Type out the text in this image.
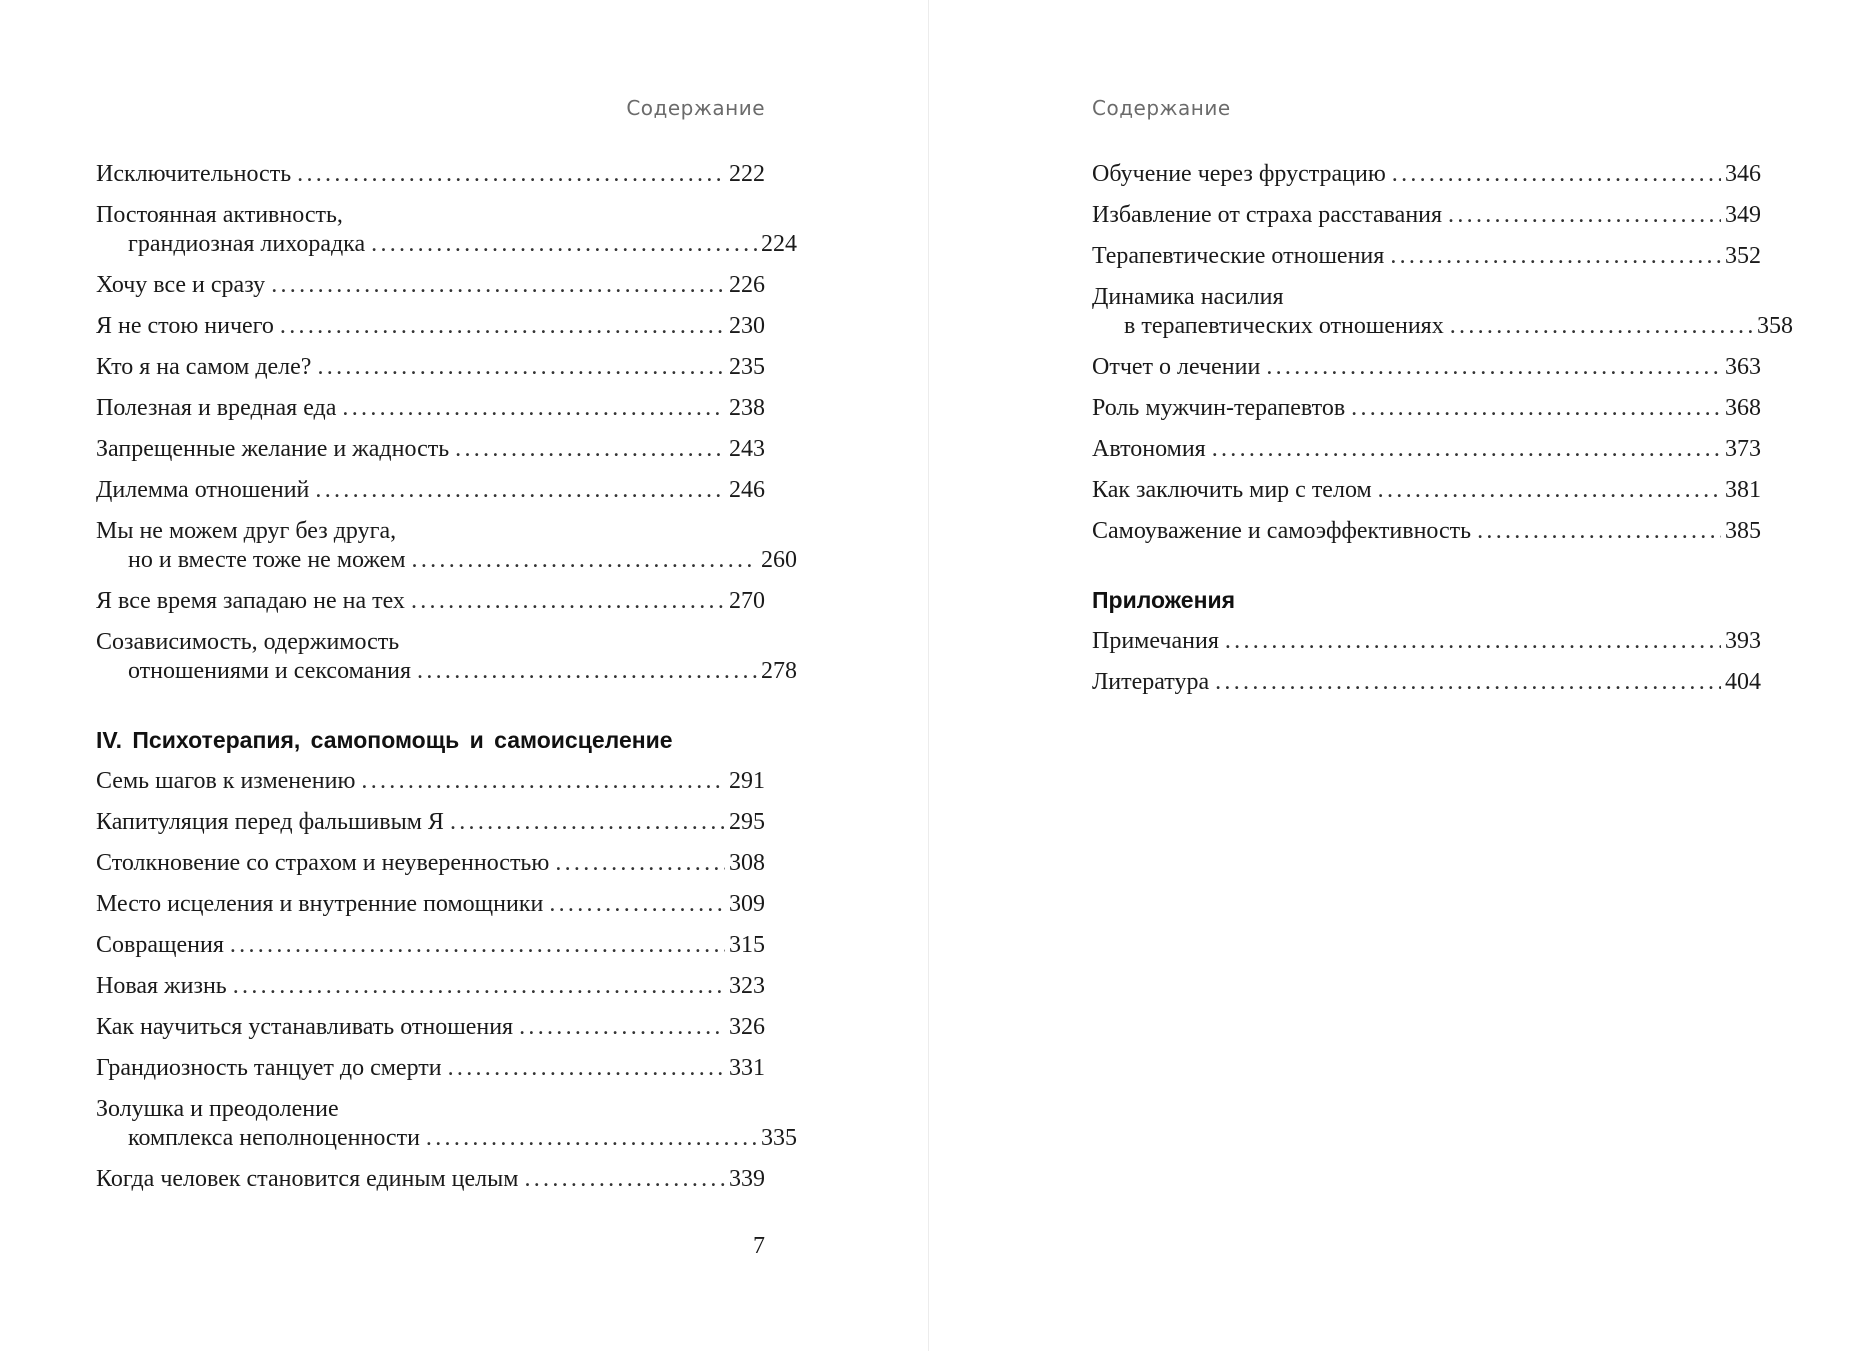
Содержание
Исключительность .....	222
Постоянная активность,
грандиозная лихорадка .....	224
Хочу все и сразу .....	226
Я не стою ничего .....	230
Кто я на самом деле? .....	235
Полезная и вредная еда .....	238
Запрещенные желание и жадность .....	243
Дилемма отношений .....	246
Мы не можем друг без друга,
но и вместе тоже не можем .....	260
Я все время западаю не на тех .....	270
Созависимость, одержимость
отношениями и сексомания .....	278
IV. Психотерапия, самопомощь и самоисцеление
Семь шагов к изменению .....	291
Капитуляция перед фальшивым Я .....	295
Столкновение со страхом и неуверенностью .....	308
Место исцеления и внутренние помощники .....	309
Совращения .....	315
Новая жизнь .....	323
Как научиться устанавливать отношения .....	326
Грандиозность танцует до смерти .....	331
Золушка и преодоление
комплекса неполноценности .....	335
Когда человек становится единым целым .....	339
7
Содержание
Обучение через фрустрацию .....	346
Избавление от страха расставания .....	349
Терапевтические отношения .....	352
Динамика насилия
в терапевтических отношениях .....	358
Отчет о лечении .....	363
Роль мужчин-терапевтов .....	368
Автономия .....	373
Как заключить мир с телом .....	381
Самоуважение и самоэффективность .....	385
Приложения
Примечания .....	393
Литература .....	404
